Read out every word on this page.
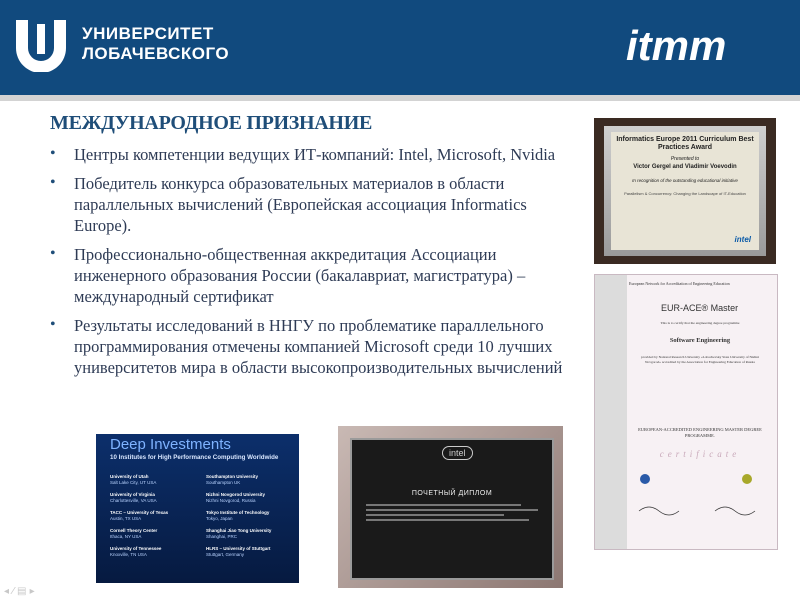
УНИВЕРСИТЕТ
ЛОБАЧЕВСКОГО	itmm
МЕЖДУНАРОДНОЕ ПРИЗНАНИЕ
• Центры компетенции ведущих ИТ-компаний: Intel, Microsoft, Nvidia
• Победитель конкурса образовательных материалов в области параллельных вычислений (Европейская ассоциация Informatics Europe).
• Профессионально-общественная аккредитация Ассоциации инженерного образования России (бакалавриат, магистратура) – международный сертификат
• Результаты исследований в ННГУ по проблематике параллельного программирования отмечены компанией Microsoft среди 10 лучших университетов мира в области высокопроизводительных вычислений
Informatics Europe 2011 Curriculum Best Practices Award
Presented to
Victor Gergel and Vladimir Voevodin
In recognition of the outstanding educational initiative
Parallelism & Concurrency: Changing the Landscape of IT-Education
intel
European Network for Accreditation of Engineering Education
EUR-ACE® Master
This is to certify that the engineering degree programme
Software Engineering
provided by National Research University «Lobachevsky State University of Nizhni Novgorod» accredited by the Association for Engineering Education of Russia
EUROPEAN-ACCREDITED ENGINEERING MASTER DEGREE PROGRAMME.
certificate
Deep Investments
10 Institutes for High Performance Computing Worldwide
University of Utah
Salt Lake City, UT USA

University of Virginia
Charlottesville, VA USA

TACC – University of Texas
Austin, TX USA

Cornell Theory Center
Ithaca, NY USA

University of Tennessee
Knoxville, TN USA
Southampton University
Southampton UK

Nizhni Novgorod University
Nizhni Novgorod, Russia

Tokyo Institute of Technology
Tokyo, Japan

Shanghai Jiao Tong University
Shanghai, PRC

HLRS – University of Stuttgart
Stuttgart, Germany
intel
ПОЧЕТНЫЙ ДИПЛОМ
◂ ⁄ ▤ ▸
